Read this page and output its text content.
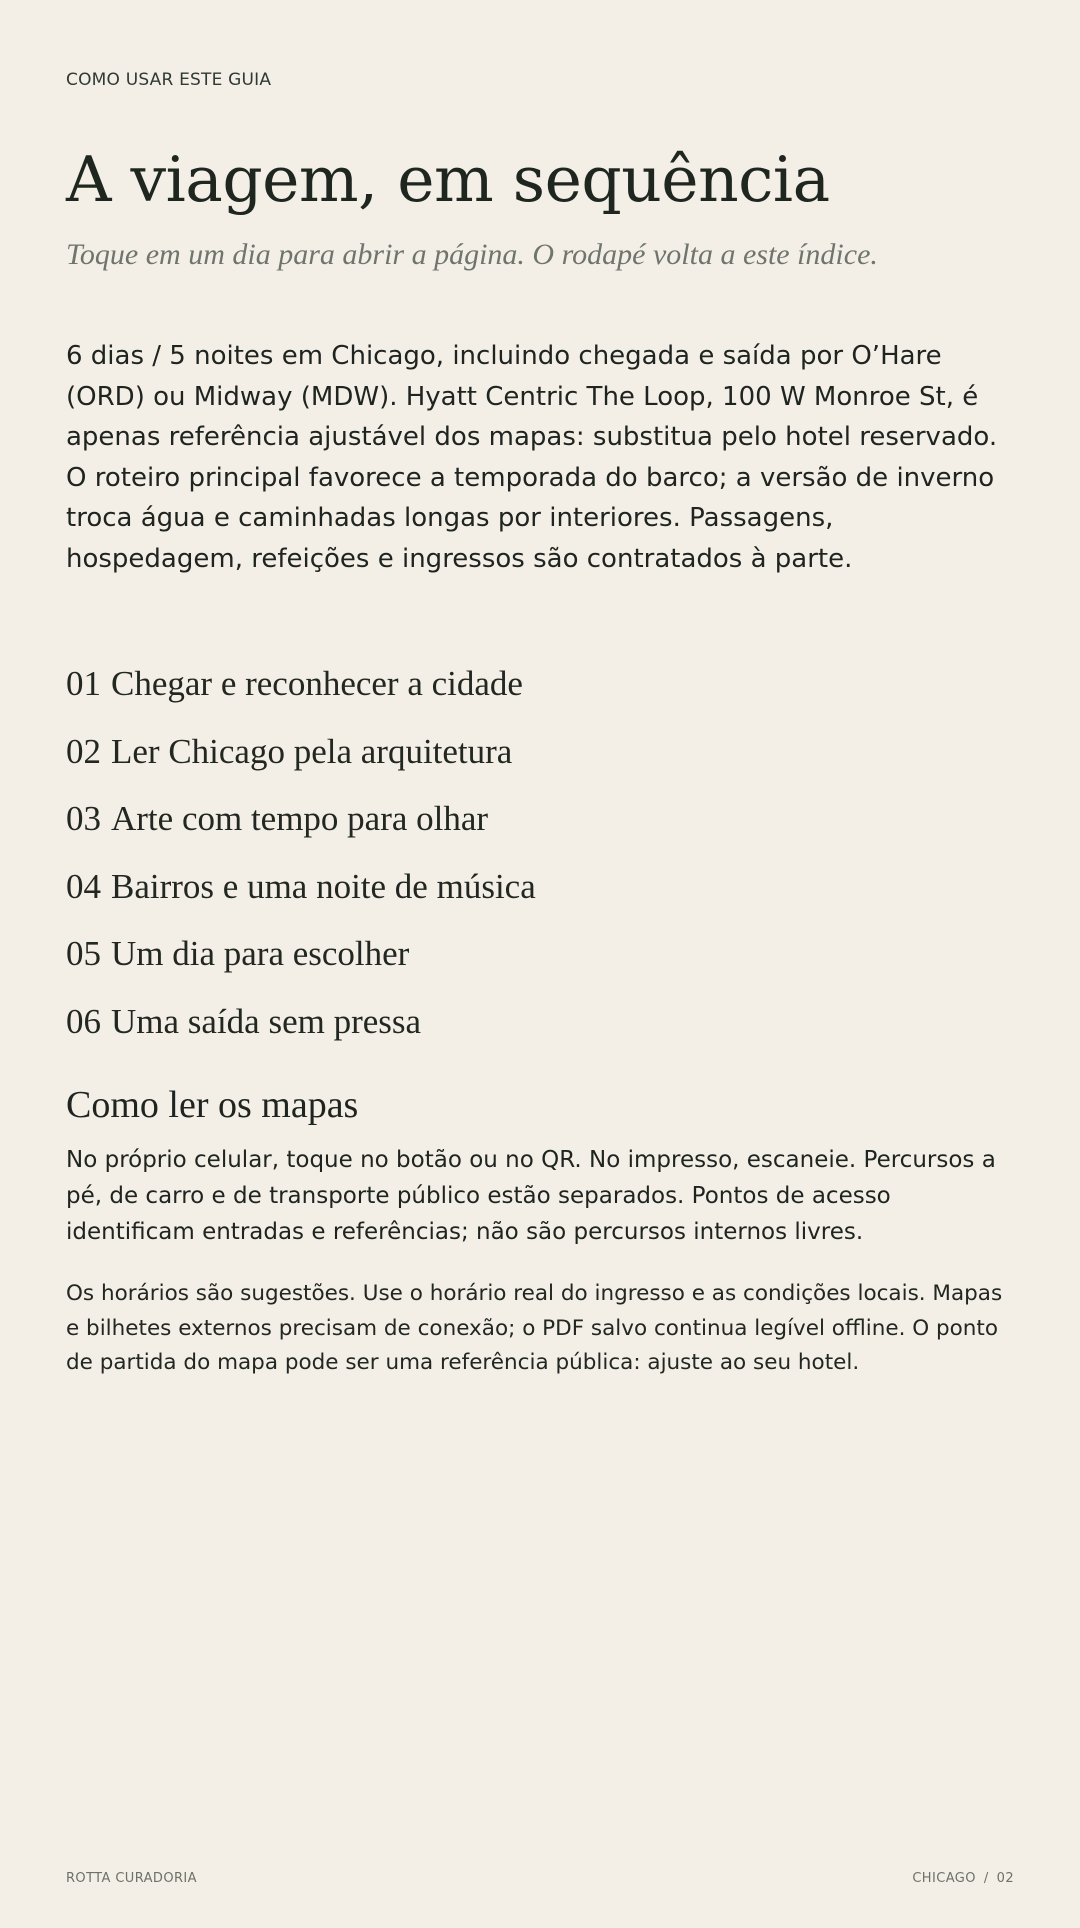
COMO USAR ESTE GUIA
A viagem, em sequência
Toque em um dia para abrir a página. O rodapé volta a este índice.

6 dias / 5 noites em Chicago, incluindo chegada e saída por O’Hare (ORD) ou Midway (MDW). Hyatt Centric The Loop, 100 W Monroe St, é apenas referência ajustável dos mapas: substitua pelo hotel reservado. O roteiro principal favorece a temporada do barco; a versão de inverno troca água e caminhadas longas por interiores. Passagens, hospedagem, refeições e ingressos são contratados à parte.

01 Chegar e reconhecer a cidade
02 Ler Chicago pela arquitetura
03 Arte com tempo para olhar
04 Bairros e uma noite de música
05 Um dia para escolher
06 Uma saída sem pressa
Como ler os mapas

No próprio celular, toque no botão ou no QR. No impresso, escaneie. Percursos a pé, de carro e de transporte público estão separados. Pontos de acesso identificam entradas e referências; não são percursos internos livres.

Os horários são sugestões. Use o horário real do ingresso e as condições locais. Mapas e bilhetes externos precisam de conexão; o PDF salvo continua legível offline. O ponto de partida do mapa pode ser uma referência pública: ajuste ao seu hotel.

ROTTA CURADORIA	CHICAGO / 02
